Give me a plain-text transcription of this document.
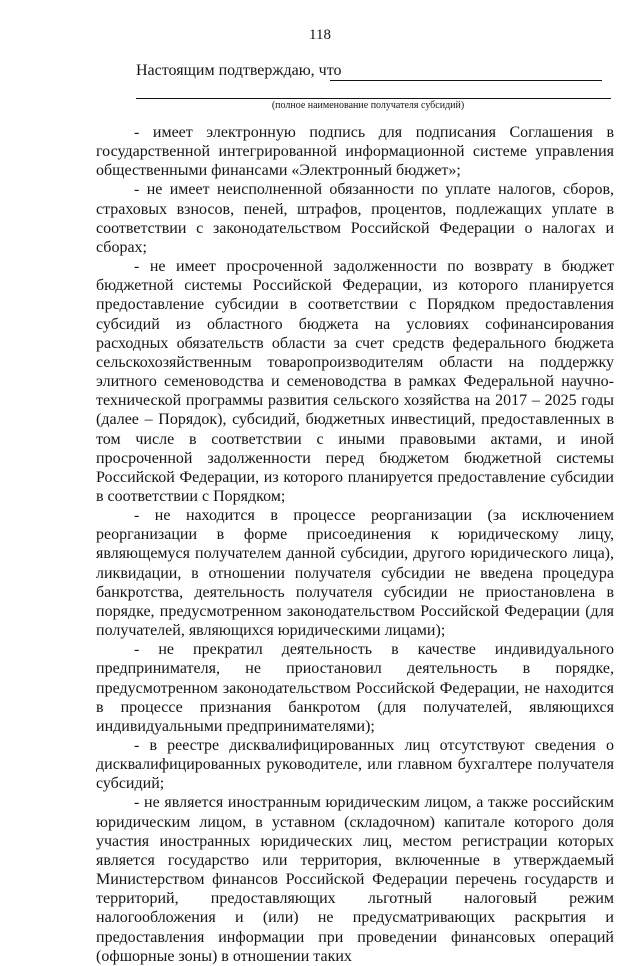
118
Настоящим подтверждаю, что
(полное наименование получателя субсидий)

- имеет электронную подпись для подписания Соглашения в государственной интегрированной информационной системе управления общественными финансами «Электронный бюджет»;

- не имеет неисполненной обязанности по уплате налогов, сборов, страховых взносов, пеней, штрафов, процентов, подлежащих уплате в соответствии с законодательством Российской Федерации о налогах и сборах;

- не имеет просроченной задолженности по возврату в бюджет бюджетной системы Российской Федерации, из которого планируется предоставление субсидии в соответствии с Порядком предоставления субсидий из областного бюджета на условиях софинансирования расходных обязательств области за счет средств федерального бюджета сельскохозяйственным товаропроизводителям области на поддержку элитного семеноводства и семеноводства в рамках Федеральной научно-технической программы развития сельского хозяйства на 2017 – 2025 годы (далее – Порядок), субсидий, бюджетных инвестиций, предоставленных в том числе в соответствии с иными правовыми актами, и иной просроченной задолженности перед бюджетом бюджетной системы Российской Федерации, из которого планируется предоставление субсидии в соответствии с Порядком;

- не находится в процессе реорганизации (за исключением реорганизации в форме присоединения к юридическому лицу, являющемуся получателем данной субсидии, другого юридического лица), ликвидации, в отношении получателя субсидии не введена процедура банкротства, деятельность получателя субсидии не приостановлена в порядке, предусмотренном законодательством Российской Федерации (для получателей, являющихся юридическими лицами);

- не прекратил деятельность в качестве индивидуального предпринимателя, не приостановил деятельность в порядке, предусмотренном законодательством Российской Федерации, не находится в процессе признания банкротом (для получателей, являющихся индивидуальными предпринимателями);

- в реестре дисквалифицированных лиц отсутствуют сведения о дисквалифицированных руководителе, или главном бухгалтере получателя субсидий;

- не является иностранным юридическим лицом, а также российским юридическим лицом, в уставном (складочном) капитале которого доля участия иностранных юридических лиц, местом регистрации которых является государство или территория, включенные в утверждаемый Министерством финансов Российской Федерации перечень государств и территорий, предоставляющих льготный налоговый режим налогообложения и (или) не предусматривающих раскрытия и предоставления информации при проведении финансовых операций (офшорные зоны) в отношении таких
